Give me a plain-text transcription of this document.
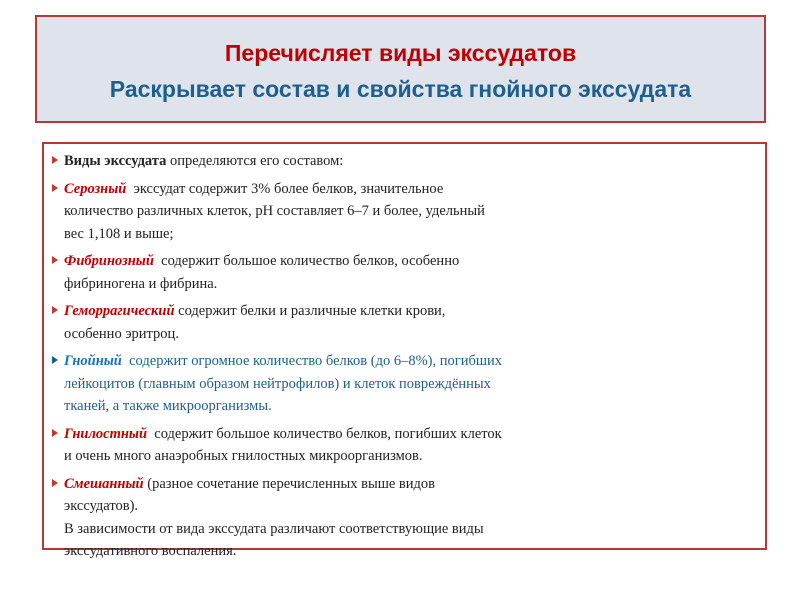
Перечисляет виды экссудатов
Раскрывает состав и свойства гнойного экссудата

Виды экссудата определяются его составом:

Серозный  экссудат содержит 3% более белков, значительное
количество различных клеток, pH составляет 6–7 и более, удельный
вес 1,108 и выше;

Фибринозный  содержит большое количество белков, особенно
фибриногена и фибрина.

Геморрагический содержит белки и различные клетки крови,
особенно эритроц.

Гнойный  содержит огромное количество белков (до 6–8%), погибших
лейкоцитов (главным образом нейтрофилов) и клеток повреждённых
тканей, а также микроорганизмы.

Гнилостный  содержит большое количество белков, погибших клеток
и очень много анаэробных гнилостных микроорганизмов.

Смешанный (разное сочетание перечисленных выше видов
экссудатов).
В зависимости от вида экссудата различают соответствующие виды
экссудативного воспаления.
